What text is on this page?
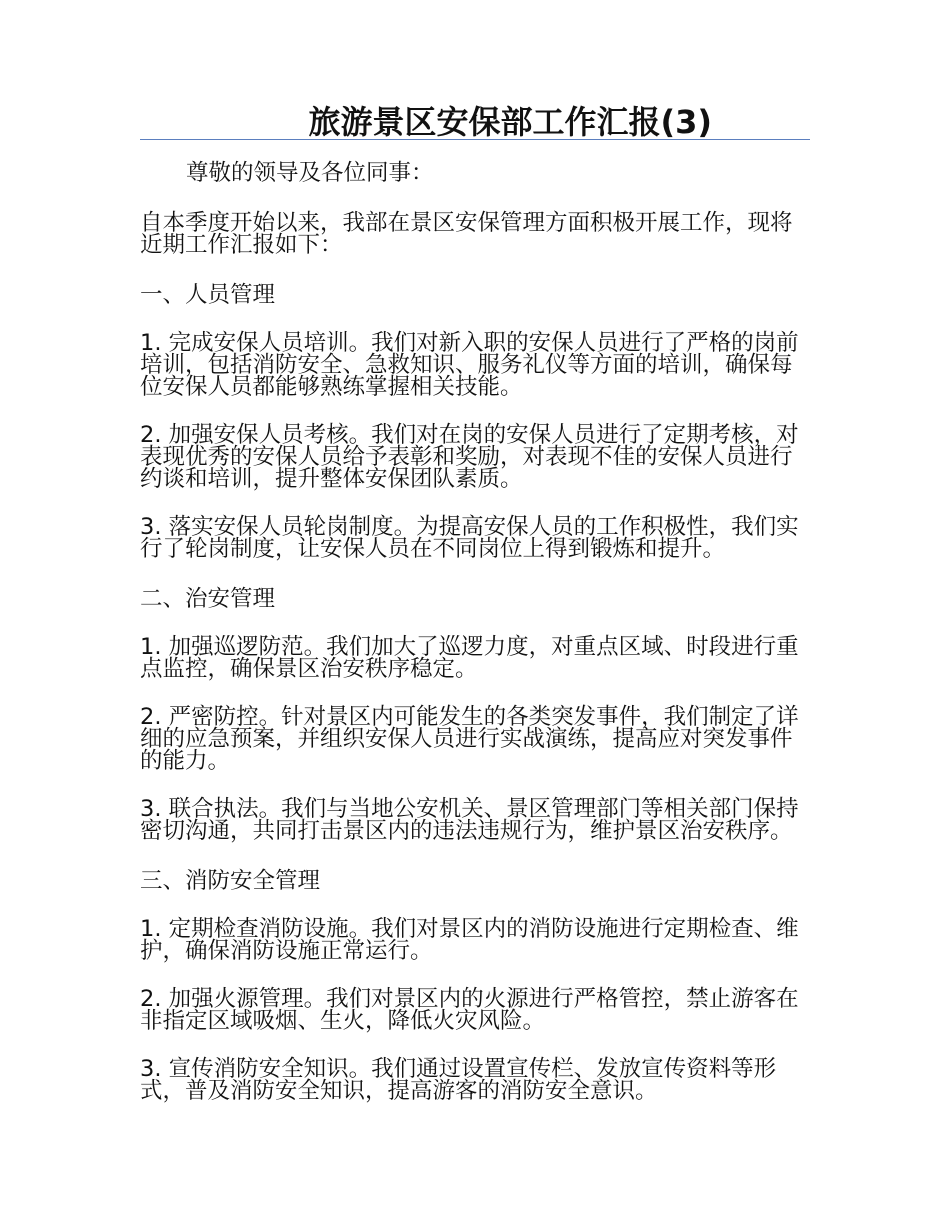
旅游景区安保部工作汇报(3)
尊敬的领导及各位同事：
自本季度开始以来，我部在景区安保管理方面积极开展工作，现将近期工作汇报如下：
一、人员管理
1. 完成安保人员培训。我们对新入职的安保人员进行了严格的岗前培训，包括消防安全、急救知识、服务礼仪等方面的培训，确保每位安保人员都能够熟练掌握相关技能。
2. 加强安保人员考核。我们对在岗的安保人员进行了定期考核，对表现优秀的安保人员给予表彰和奖励，对表现不佳的安保人员进行约谈和培训，提升整体安保团队素质。
3. 落实安保人员轮岗制度。为提高安保人员的工作积极性，我们实行了轮岗制度，让安保人员在不同岗位上得到锻炼和提升。
二、治安管理
1. 加强巡逻防范。我们加大了巡逻力度，对重点区域、时段进行重点监控，确保景区治安秩序稳定。
2. 严密防控。针对景区内可能发生的各类突发事件，我们制定了详细的应急预案，并组织安保人员进行实战演练，提高应对突发事件的能力。
3. 联合执法。我们与当地公安机关、景区管理部门等相关部门保持密切沟通，共同打击景区内的违法违规行为，维护景区治安秩序。
三、消防安全管理
1. 定期检查消防设施。我们对景区内的消防设施进行定期检查、维护，确保消防设施正常运行。
2. 加强火源管理。我们对景区内的火源进行严格管控，禁止游客在非指定区域吸烟、生火，降低火灾风险。
3. 宣传消防安全知识。我们通过设置宣传栏、发放宣传资料等形式，普及消防安全知识，提高游客的消防安全意识。
